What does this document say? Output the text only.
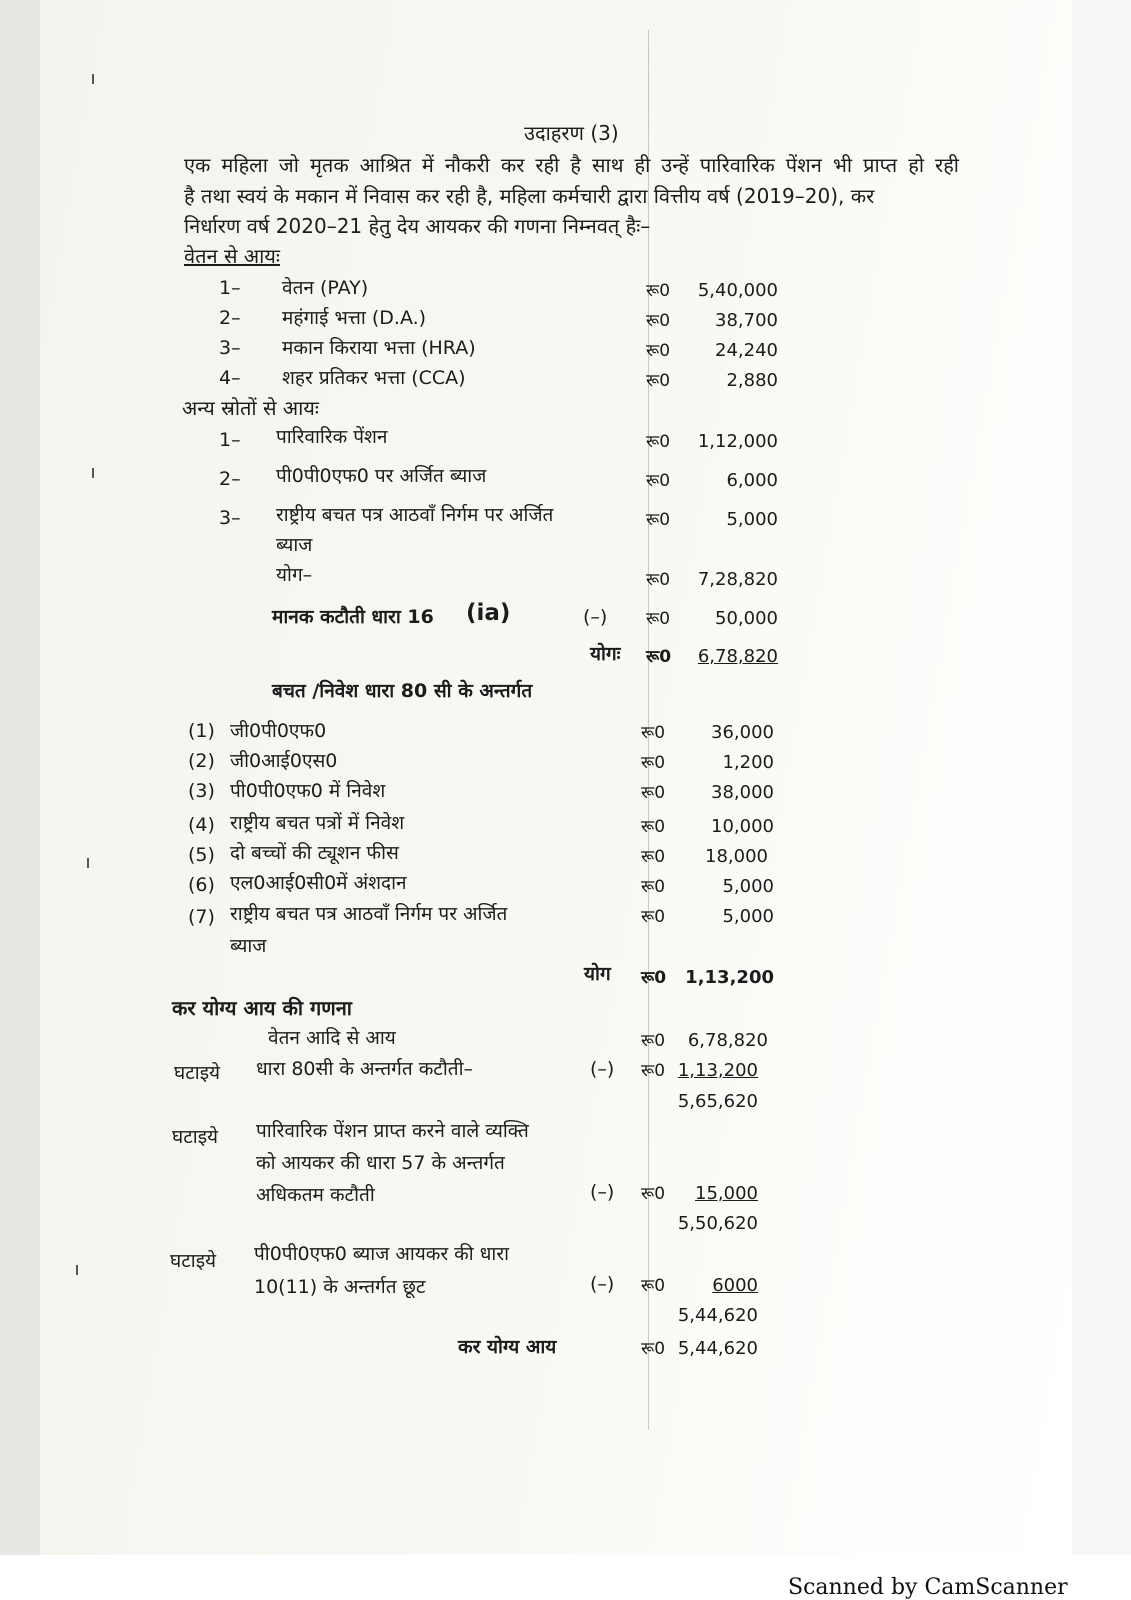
उदाहरण (3)
एक महिला जो मृतक आश्रित में नौकरी कर रही है साथ ही उन्हें पारिवारिक पेंशन भी प्राप्त हो रही
है तथा स्वयं के मकान में निवास कर रही है, महिला कर्मचारी द्वारा वित्तीय वर्ष (2019–20), कर
निर्धारण वर्ष 2020–21 हेतु देय आयकर की गणना निम्नवत् हैः–
वेतन से आयः
1– वेतन (PAY)	रू0	5,40,000
2– महंगाई भत्ता (D.A.)	रू0	38,700
3– मकान किराया भत्ता (HRA)	रू0	24,240
4– शहर प्रतिकर भत्ता (CCA)	रू0	2,880
अन्य स्रोतों से आयः
1– पारिवारिक पेंशन	रू0	1,12,000
2– पी0पी0एफ0 पर अर्जित ब्याज	रू0	6,000
3– राष्ट्रीय बचत पत्र आठवाँ निर्गम पर अर्जित
ब्याज
रू0	5,000
योग–	रू0	7,28,820
मानक कटौती धारा 16 (ia)	(–) रू0	50,000
योगः रू0	6,78,820
बचत /निवेश धारा 80 सी के अन्तर्गत
(1) जी0पी0एफ0	रू0	36,000
(2) जी0आई0एस0	रू0	1,200
(3) पी0पी0एफ0 में निवेश	रू0	38,000
(4) राष्ट्रीय बचत पत्रों में निवेश	रू0	10,000
(5) दो बच्चों की ट्यूशन फीस	रू0	18,000
(6) एल0आई0सी0में अंशदान	रू0	5,000
(7) राष्ट्रीय बचत पत्र आठवाँ निर्गम पर अर्जित
ब्याज
रू0	5,000
योग रू0	1,13,200
कर योग्य आय की गणना
वेतन आदि से आय	रू0	6,78,820
घटाइये धारा 80सी के अन्तर्गत कटौती–	(–) रू0 1,13,200
5,65,620
घटाइये पारिवारिक पेंशन प्राप्त करने वाले व्यक्ति
को आयकर की धारा 57 के अन्तर्गत
अधिकतम कटौती	(–) रू0	15,000
5,50,620
घटाइये पी0पी0एफ0 ब्याज आयकर की धारा
10(11) के अन्तर्गत छूट	(–) रू0	6000
5,44,620
कर योग्य आय	रू0 5,44,620
Scanned by CamScanner
